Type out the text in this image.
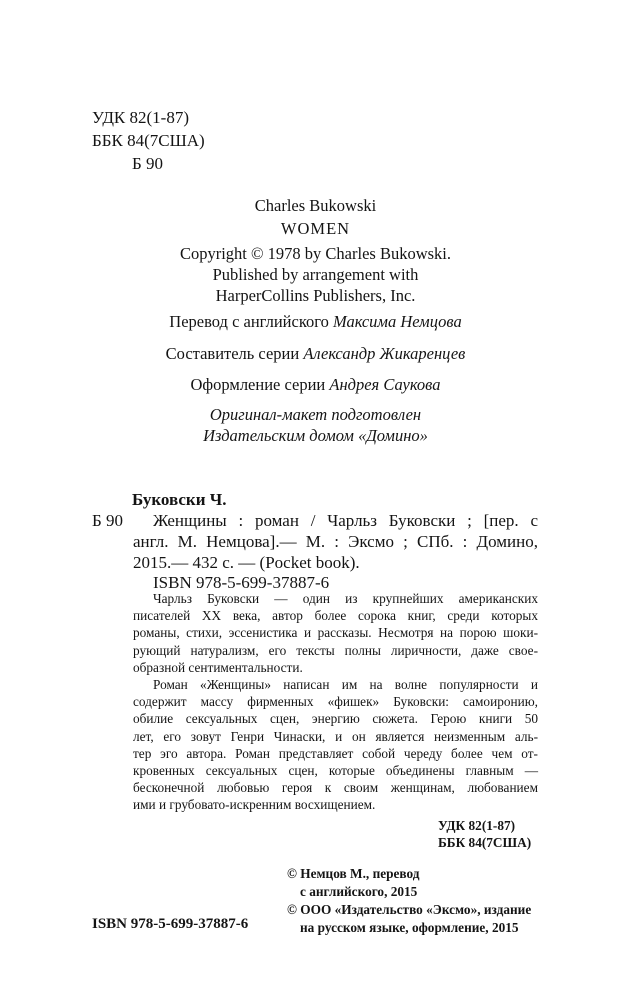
УДК 82(1-87)
ББК 84(7США)
Б 90
Charles Bukowski
WOMEN
Copyright © 1978 by Charles Bukowski.
Published by arrangement with
HarperCollins Publishers, Inc.
Перевод с английского Максима Немцова
Составитель серии Александр Жикаренцев
Оформление серии Андрея Саукова
Оригинал-макет подготовлен
Издательским домом «Домино»
Буковски Ч.
Б 90 Женщины : роман / Чарльз Буковски ; [пер. с
англ. М. Немцова].— М. : Эксмо ; СПб. : Домино,
2015.— 432 с. — (Pocket book).
ISBN 978-5-699-37887-6
Чарльз Буковски — один из крупнейших американских
писателей XX века, автор более сорока книг, среди которых
романы, стихи, эссенистика и рассказы. Несмотря на порою шоки-
рующий натурализм, его тексты полны лиричности, даже свое-
образной сентиментальности.
Роман «Женщины» написан им на волне популярности и
содержит массу фирменных «фишек» Буковски: самоиронию,
обилие сексуальных сцен, энергию сюжета. Герою книги 50
лет, его зовут Генри Чинаски, и он является неизменным аль-
тер эго автора. Роман представляет собой череду более чем от-
кровенных сексуальных сцен, которые объединены главным —
бесконечной любовью героя к своим женщинам, любованием
ими и грубовато-искренним восхищением.
УДК 82(1-87)
ББК 84(7США)
© Немцов М., перевод
с английского, 2015
© ООО «Издательство «Эксмо», издание
на русском языке, оформление, 2015
ISBN 978-5-699-37887-6
